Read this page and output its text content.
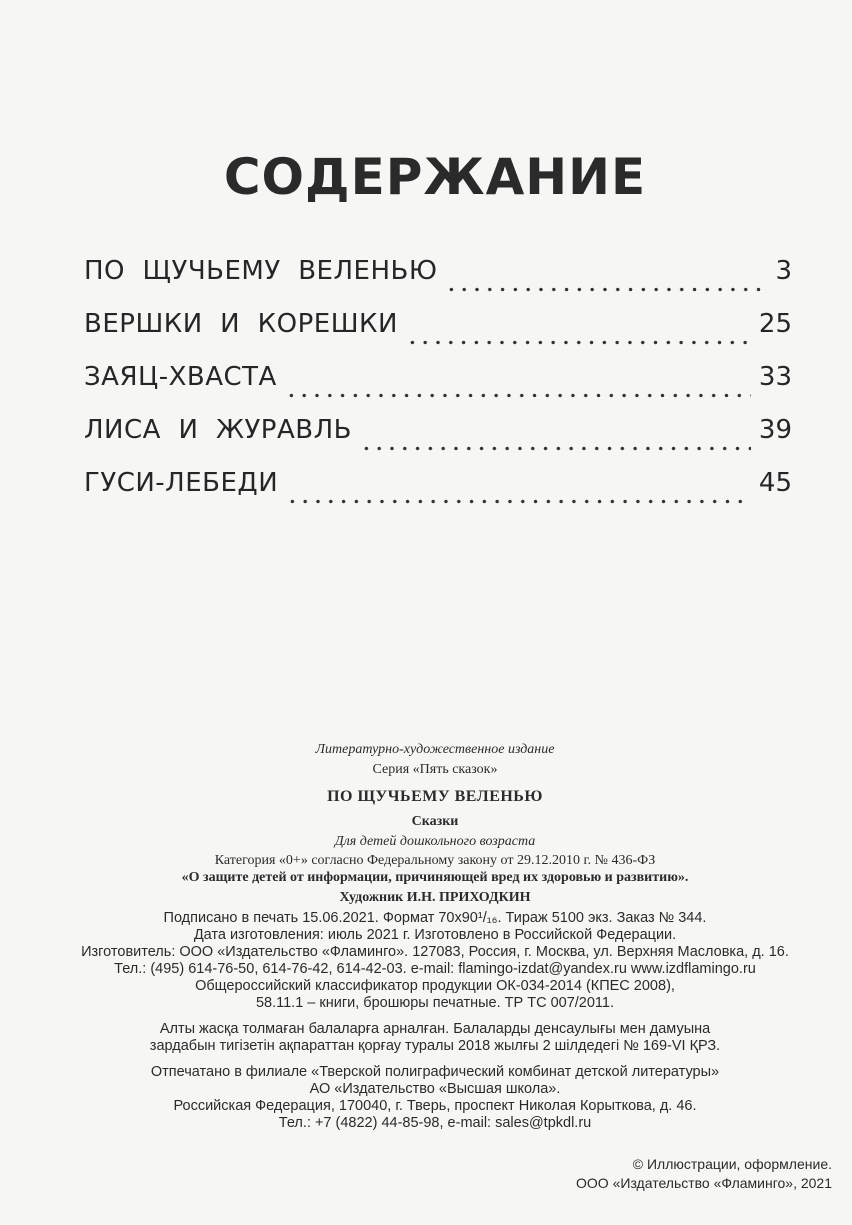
СОДЕРЖАНИЕ
ПО  ЩУЧЬЕМУ  ВЕЛЕНЬЮ	3
ВЕРШКИ  И  КОРЕШКИ	25
ЗАЯЦ-ХВАСТА	33
ЛИСА  И  ЖУРАВЛЬ	39
ГУСИ-ЛЕБЕДИ	45
Литературно-художественное издание
Серия «Пять сказок»
ПО ЩУЧЬЕМУ ВЕЛЕНЬЮ
Сказки
Для детей дошкольного возраста
Категория «0+» согласно Федеральному закону от 29.12.2010 г. № 436-ФЗ
«О защите детей от информации, причиняющей вред их здоровью и развитию».
Художник И.Н. ПРИХОДКИН
Подписано в печать 15.06.2021. Формат 70х90¹/₁₆. Тираж 5100 экз. Заказ № 344.
Дата изготовления: июль 2021 г. Изготовлено в Российской Федерации.
Изготовитель: ООО «Издательство «Фламинго». 127083, Россия, г. Москва, ул. Верхняя Масловка, д. 16.
Тел.: (495) 614-76-50, 614-76-42, 614-42-03. e-mail: flamingo-izdat@yandex.ru www.izdflamingo.ru
Общероссийский классификатор продукции ОК-034-2014 (КПЕС 2008),
58.11.1 – книги, брошюры печатные. ТР ТС 007/2011.
Алты жасқа толмаған балаларға арналған. Балаларды денсаулығы мен дамуына
зардабын тигізетін ақпараттан қорғау туралы 2018 жылғы 2 шілдедегі № 169-VI ҚРЗ.
Отпечатано в филиале «Тверской полиграфический комбинат детской литературы»
АО «Издательство «Высшая школа».
Российская Федерация, 170040, г. Тверь, проспект Николая Корыткова, д. 46.
Тел.: +7 (4822) 44-85-98, e-mail: sales@tpkdl.ru
© Иллюстрации, оформление.
ООО «Издательство «Фламинго», 2021
